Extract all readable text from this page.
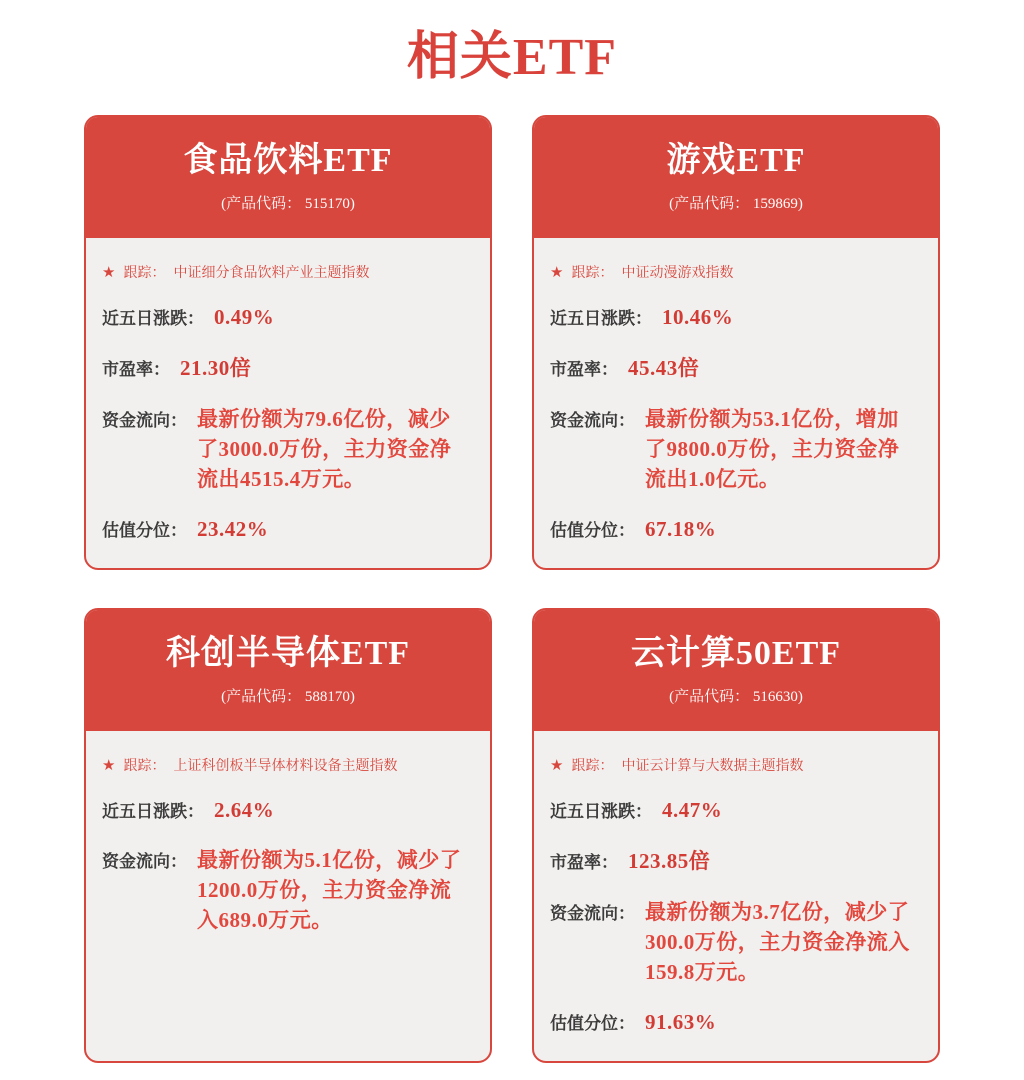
相关ETF
食品饮料ETF
(产品代码： 515170)
★ 跟踪： 中证细分食品饮料产业主题指数
近五日涨跌： 0.49%
市盈率： 21.30倍
资金流向： 最新份额为79.6亿份，减少了3000.0万份，主力资金净流出4515.4万元。
估值分位： 23.42%
游戏ETF
(产品代码： 159869)
★ 跟踪： 中证动漫游戏指数
近五日涨跌： 10.46%
市盈率： 45.43倍
资金流向： 最新份额为53.1亿份，增加了9800.0万份，主力资金净流出1.0亿元。
估值分位： 67.18%
科创半导体ETF
(产品代码： 588170)
★ 跟踪： 上证科创板半导体材料设备主题指数
近五日涨跌： 2.64%
资金流向： 最新份额为5.1亿份，减少了1200.0万份，主力资金净流入689.0万元。
云计算50ETF
(产品代码： 516630)
★ 跟踪： 中证云计算与大数据主题指数
近五日涨跌： 4.47%
市盈率： 123.85倍
资金流向： 最新份额为3.7亿份，减少了300.0万份，主力资金净流入159.8万元。
估值分位： 91.63%
